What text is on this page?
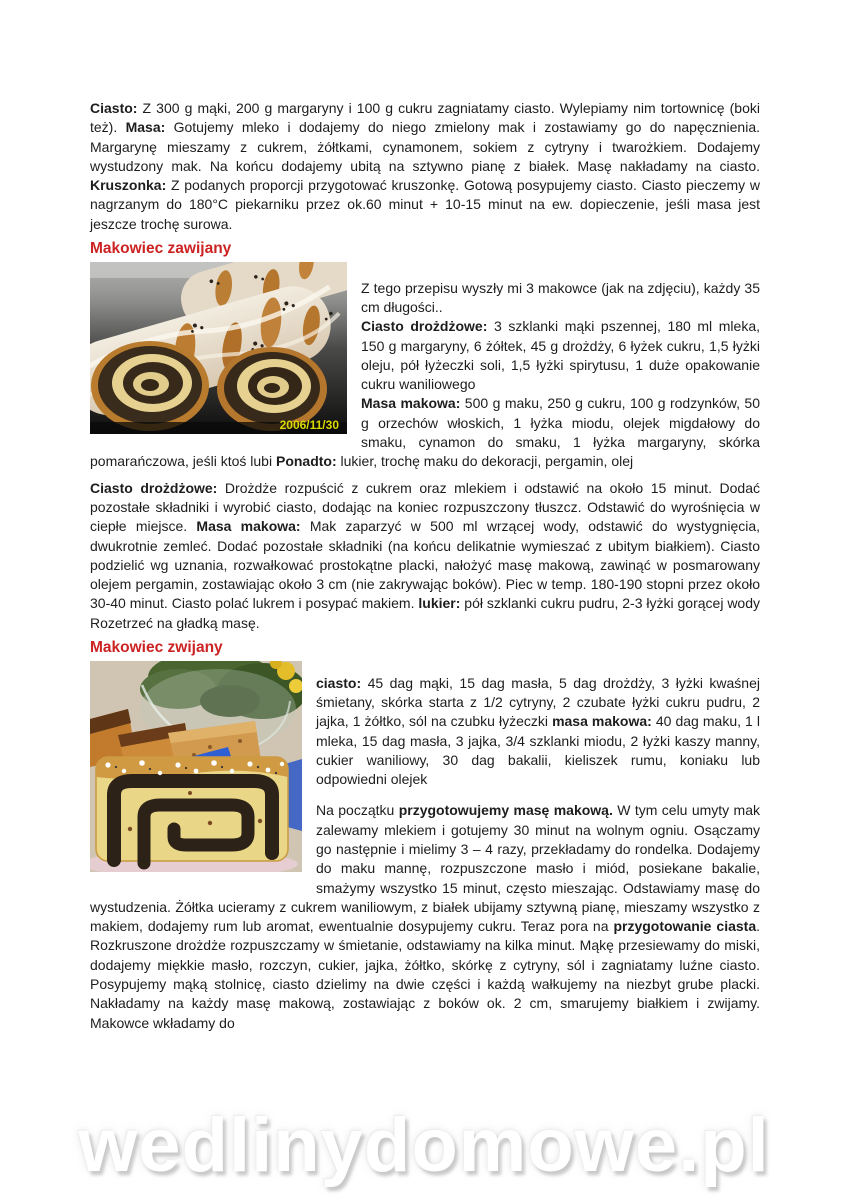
Ciasto: Z 300 g mąki, 200 g margaryny i 100 g cukru zagniatamy ciasto. Wylepiamy nim tortownicę (boki też). Masa: Gotujemy mleko i dodajemy do niego zmielony mak i zostawiamy go do napęcznienia. Margarynę mieszamy z cukrem, żółtkami, cynamonem, sokiem z cytryny i twarożkiem. Dodajemy wystudzony mak. Na końcu dodajemy ubitą na sztywno pianę z białek. Masę nakładamy na ciasto. Kruszonka: Z podanych proporcji przygotować kruszonkę. Gotową posypujemy ciasto. Ciasto pieczemy w nagrzanym do 180°C piekarniku przez ok.60 minut + 10-15 minut na ew. dopieczenie, jeśli masa jest jeszcze trochę surowa.

Makowiec zawijany
2006/11/30

Z tego przepisu wyszły mi 3 makowce (jak na zdjęciu), każdy 35 cm długości..
Ciasto drożdżowe: 3 szklanki mąki pszennej, 180 ml mleka, 150 g margaryny, 6 żółtek, 45 g drożdży, 6 łyżek cukru, 1,5 łyżki oleju, pół łyżeczki soli, 1,5 łyżki spirytusu, 1 duże opakowanie cukru waniliowego
Masa makowa: 500 g maku, 250 g cukru, 100 g rodzynków, 50 g orzechów włoskich, 1 łyżka miodu, olejek migdałowy do smaku, cynamon do smaku, 1 łyżka margaryny, skórka pomarańczowa, jeśli ktoś lubi Ponadto: lukier, trochę maku do dekoracji, pergamin, olej

Ciasto drożdżowe: Drożdże rozpuścić z cukrem oraz mlekiem i odstawić na około 15 minut. Dodać pozostałe składniki i wyrobić ciasto, dodając na koniec rozpuszczony tłuszcz. Odstawić do wyrośnięcia w ciepłe miejsce. Masa makowa: Mak zaparzyć w 500 ml wrzącej wody, odstawić do wystygnięcia, dwukrotnie zemleć. Dodać pozostałe składniki (na końcu delikatnie wymieszać z ubitym białkiem). Ciasto podzielić wg uznania, rozwałkować prostokątne placki, nałożyć masę makową, zawinąć w posmarowany olejem pergamin, zostawiając około 3 cm (nie zakrywając boków). Piec w temp. 180-190 stopni przez około 30-40 minut. Ciasto polać lukrem i posypać makiem. lukier: pół szklanki cukru pudru, 2-3 łyżki gorącej wody Rozetrzeć na gładką masę.

Makowiec zwijany

ciasto: 45 dag mąki, 15 dag masła, 5 dag drożdży, 3 łyżki kwaśnej śmietany, skórka starta z 1/2 cytryny, 2 czubate łyżki cukru pudru, 2 jajka, 1 żółtko, sól na czubku łyżeczki masa makowa: 40 dag maku, 1 l mleka, 15 dag masła, 3 jajka, 3/4 szklanki miodu, 2 łyżki kaszy manny, cukier waniliowy, 30 dag bakalii, kieliszek rumu, koniaku lub odpowiedni olejek

Na początku przygotowujemy masę makową. W tym celu umyty mak zalewamy mlekiem i gotujemy 30 minut na wolnym ogniu. Osączamy go następnie i mielimy 3 – 4 razy, przekładamy do rondelka. Dodajemy do maku mannę, rozpuszczone masło i miód, posiekane bakalie, smażymy wszystko 15 minut, często mieszając. Odstawiamy masę do wystudzenia. Żółtka ucieramy z cukrem waniliowym, z białek ubijamy sztywną pianę, mieszamy wszystko z makiem, dodajemy rum lub aromat, ewentualnie dosypujemy cukru. Teraz pora na przygotowanie ciasta. Rozkruszone drożdże rozpuszczamy w śmietanie, odstawiamy na kilka minut. Mąkę przesiewamy do miski, dodajemy miękkie masło, rozczyn, cukier, jajka, żółtko, skórkę z cytryny, sól i zagniatamy luźne ciasto. Posypujemy mąką stolnicę, ciasto dzielimy na dwie części i każdą wałkujemy na niezbyt grube placki. Nakładamy na każdy masę makową, zostawiając z boków ok. 2 cm, smarujemy białkiem i zwijamy. Makowce wkładamy do

wedlinydomowe.pl
